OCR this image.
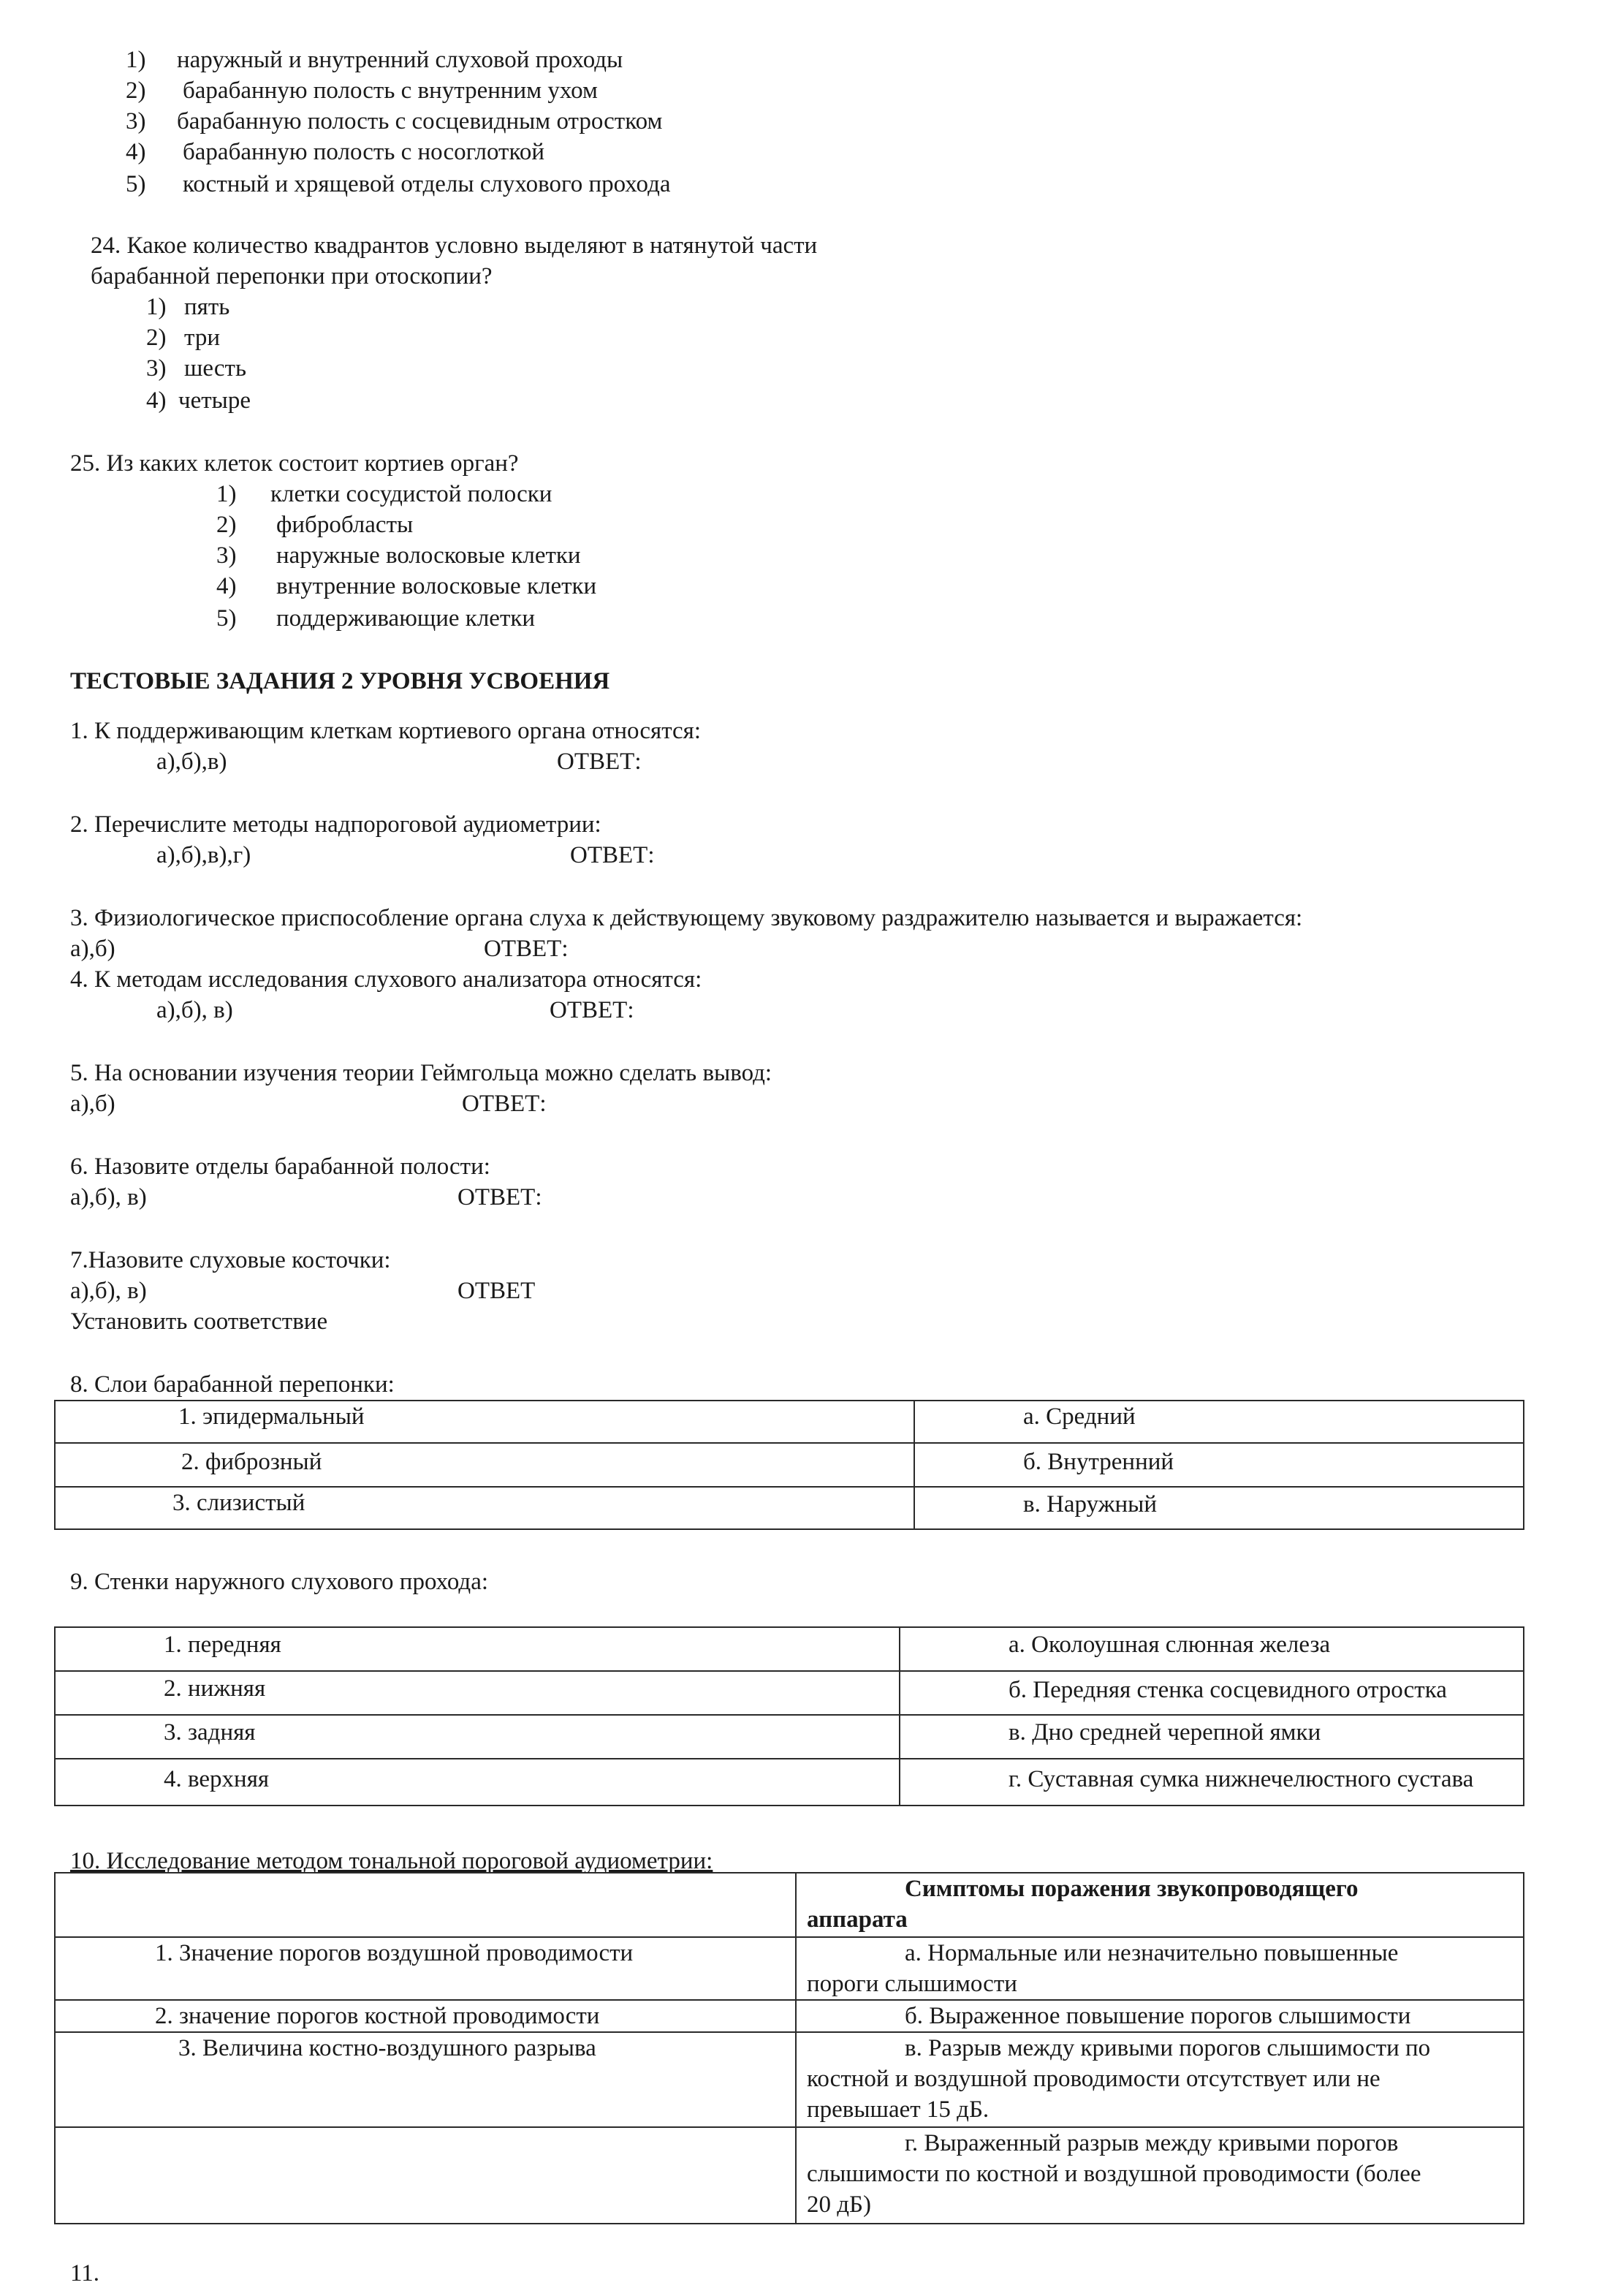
1) наружный и внутренний слуховой проходы
2) барабанную полость с внутренним ухом
3) барабанную полость с сосцевидным отростком
4) барабанную полость с носоглоткой
5) костный и хрящевой отделы слухового прохода
24. Какое количество квадрантов условно выделяют в натянутой части
барабанной перепонки при отоскопии?
1) пять
2) три
3) шесть
4) четыре
25. Из каких клеток состоит кортиев орган?
1) клетки сосудистой полоски
2) фибробласты
3) наружные волосковые клетки
4) внутренние волосковые клетки
5) поддерживающие клетки
ТЕСТОВЫЕ ЗАДАНИЯ 2 УРОВНЯ УСВОЕНИЯ
1. К поддерживающим клеткам кортиевого органа относятся:
а),б),в)	ОТВЕТ:
2. Перечислите методы надпороговой аудиометрии:
а),б),в),г)	ОТВЕТ:
3. Физиологическое приспособление органа слуха к действующему звуковому раздражителю называется и выражается:
а),б)	ОТВЕТ:
4. К методам исследования слухового анализатора относятся:
а),б), в)	ОТВЕТ:
5. На основании изучения теории Геймгольца можно сделать вывод:
а),б)	ОТВЕТ:
6. Назовите отделы барабанной полости:
а),б), в)	ОТВЕТ:
7.Назовите слуховые косточки:
а),б), в)	ОТВЕТ
Установить соответствие
8. Слои барабанной перепонки:
1. эпидермальный	а. Средний
2. фиброзный	б. Внутренний
3. слизистый	в. Наружный
9. Стенки наружного слухового прохода:
1. передняя	а. Околоушная слюнная железа
2. нижняя	б. Передняя стенка сосцевидного отростка
3. задняя	в. Дно средней черепной ямки
4. верхняя	г. Суставная сумка нижнечелюстного сустава
10. Исследование методом тональной пороговой аудиометрии:

	Симптомы поражения звукопроводящего
аппарата

1. Значение порогов воздушной проводимости	а. Нормальные или незначительно повышенные
пороги слышимости

2. значение порогов костной проводимости	б. Выраженное повышение порогов слышимости

3. Величина костно-воздушного разрыва	в. Разрыв между кривыми порогов слышимости по
костной и воздушной проводимости отсутствует или не
превышает 15 дБ.

	г. Выраженный разрыв между кривыми порогов
слышимости по костной и воздушной проводимости (более
20 дБ)
11.
